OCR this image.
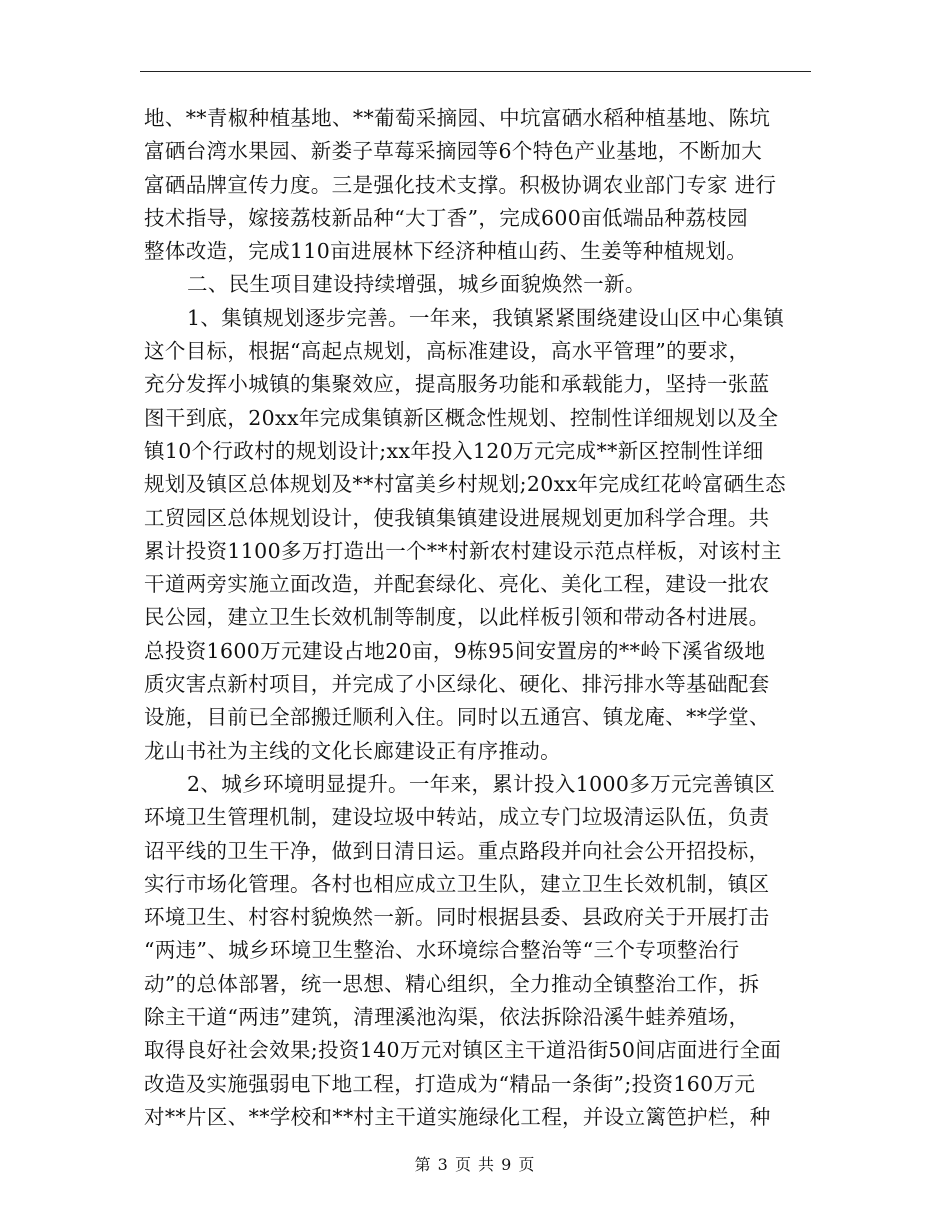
地、**青椒种植基地、**葡萄采摘园、中坑富硒水稻种植基地、陈坑
富硒台湾水果园、新娄子草莓采摘园等6个特色产业基地，不断加大
富硒品牌宣传力度。三是强化技术支撑。积极协调农业部门专家 进行
技术指导，嫁接荔枝新品种“大丁香”，完成600亩低端品种荔枝园
整体改造，完成110亩进展林下经济种植山药、生姜等种植规划。
二、民生项目建设持续增强，城乡面貌焕然一新。
1、集镇规划逐步完善。一年来，我镇紧紧围绕建设山区中心集镇
这个目标，根据“高起点规划，高标准建设，高水平管理”的要求，
充分发挥小城镇的集聚效应，提高服务功能和承载能力，坚持一张蓝
图干到底，20xx年完成集镇新区概念性规划、控制性详细规划以及全
镇10个行政村的规划设计;xx年投入120万元完成**新区控制性详细
规划及镇区总体规划及**村富美乡村规划;20xx年完成红花岭富硒生态
工贸园区总体规划设计，使我镇集镇建设进展规划更加科学合理。共
累计投资1100多万打造出一个**村新农村建设示范点样板，对该村主
干道两旁实施立面改造，并配套绿化、亮化、美化工程，建设一批农
民公园，建立卫生长效机制等制度，以此样板引领和带动各村进展。
总投资1600万元建设占地20亩，9栋95间安置房的**岭下溪省级地
质灾害点新村项目，并完成了小区绿化、硬化、排污排水等基础配套
设施，目前已全部搬迁顺利入住。同时以五通宫、镇龙庵、**学堂、
龙山书社为主线的文化长廊建设正有序推动。
2、城乡环境明显提升。一年来，累计投入1000多万元完善镇区
环境卫生管理机制，建设垃圾中转站，成立专门垃圾清运队伍，负责
诏平线的卫生干净，做到日清日运。重点路段并向社会公开招投标，
实行市场化管理。各村也相应成立卫生队，建立卫生长效机制，镇区
环境卫生、村容村貌焕然一新。同时根据县委、县政府关于开展打击
“两违”、城乡环境卫生整治、水环境综合整治等“三个专项整治行
动”的总体部署，统一思想、精心组织，全力推动全镇整治工作，拆
除主干道“两违”建筑，清理溪池沟渠，依法拆除沿溪牛蛙养殖场，
取得良好社会效果;投资140万元对镇区主干道沿街50间店面进行全面
改造及实施强弱电下地工程，打造成为“精品一条街”;投资160万元
对**片区、**学校和**村主干道实施绿化工程，并设立篱笆护栏，种
第 3 页 共 9 页
